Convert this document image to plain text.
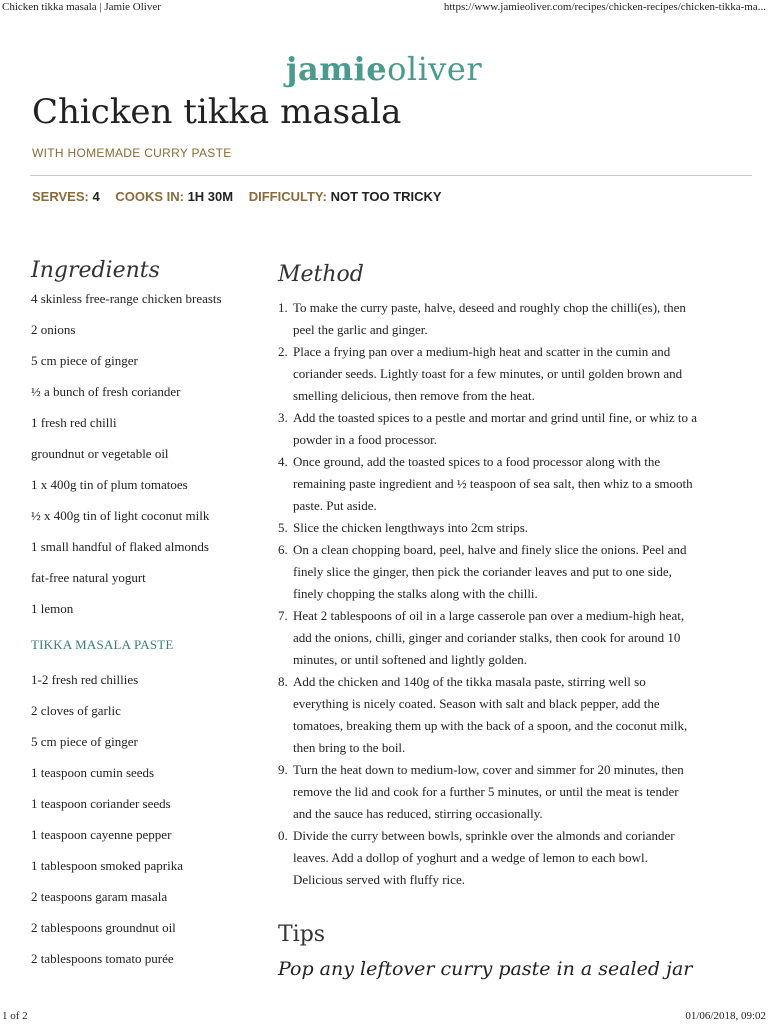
Chicken tikka masala | Jamie Oliver	https://www.jamieoliver.com/recipes/chicken-recipes/chicken-tikka-ma...
jamieoliver
Chicken tikka masala
WITH HOMEMADE CURRY PASTE
SERVES: 4 COOKS IN: 1H 30M DIFFICULTY: NOT TOO TRICKY
Ingredients
4 skinless free-range chicken breasts
2 onions
5 cm piece of ginger
½ a bunch of fresh coriander
1 fresh red chilli
groundnut or vegetable oil
1 x 400g tin of plum tomatoes
½ x 400g tin of light coconut milk
1 small handful of flaked almonds
fat-free natural yogurt
1 lemon
TIKKA MASALA PASTE
1-2 fresh red chillies
2 cloves of garlic
5 cm piece of ginger
1 teaspoon cumin seeds
1 teaspoon coriander seeds
1 teaspoon cayenne pepper
1 tablespoon smoked paprika
2 teaspoons garam masala
2 tablespoons groundnut oil
2 tablespoons tomato purée
Method
1. To make the curry paste, halve, deseed and roughly chop the chilli(es), then peel the garlic and ginger.
2. Place a frying pan over a medium-high heat and scatter in the cumin and coriander seeds. Lightly toast for a few minutes, or until golden brown and smelling delicious, then remove from the heat.
3. Add the toasted spices to a pestle and mortar and grind until fine, or whiz to a powder in a food processor.
4. Once ground, add the toasted spices to a food processor along with the remaining paste ingredient and ½ teaspoon of sea salt, then whiz to a smooth paste. Put aside.
5. Slice the chicken lengthways into 2cm strips.
6. On a clean chopping board, peel, halve and finely slice the onions. Peel and finely slice the ginger, then pick the coriander leaves and put to one side, finely chopping the stalks along with the chilli.
7. Heat 2 tablespoons of oil in a large casserole pan over a medium-high heat, add the onions, chilli, ginger and coriander stalks, then cook for around 10 minutes, or until softened and lightly golden.
8. Add the chicken and 140g of the tikka masala paste, stirring well so everything is nicely coated. Season with salt and black pepper, add the tomatoes, breaking them up with the back of a spoon, and the coconut milk, then bring to the boil.
9. Turn the heat down to medium-low, cover and simmer for 20 minutes, then remove the lid and cook for a further 5 minutes, or until the meat is tender and the sauce has reduced, stirring occasionally.
0. Divide the curry between bowls, sprinkle over the almonds and coriander leaves. Add a dollop of yoghurt and a wedge of lemon to each bowl. Delicious served with fluffy rice.
Tips
Pop any leftover curry paste in a sealed jar
1 of 2	01/06/2018, 09:02
